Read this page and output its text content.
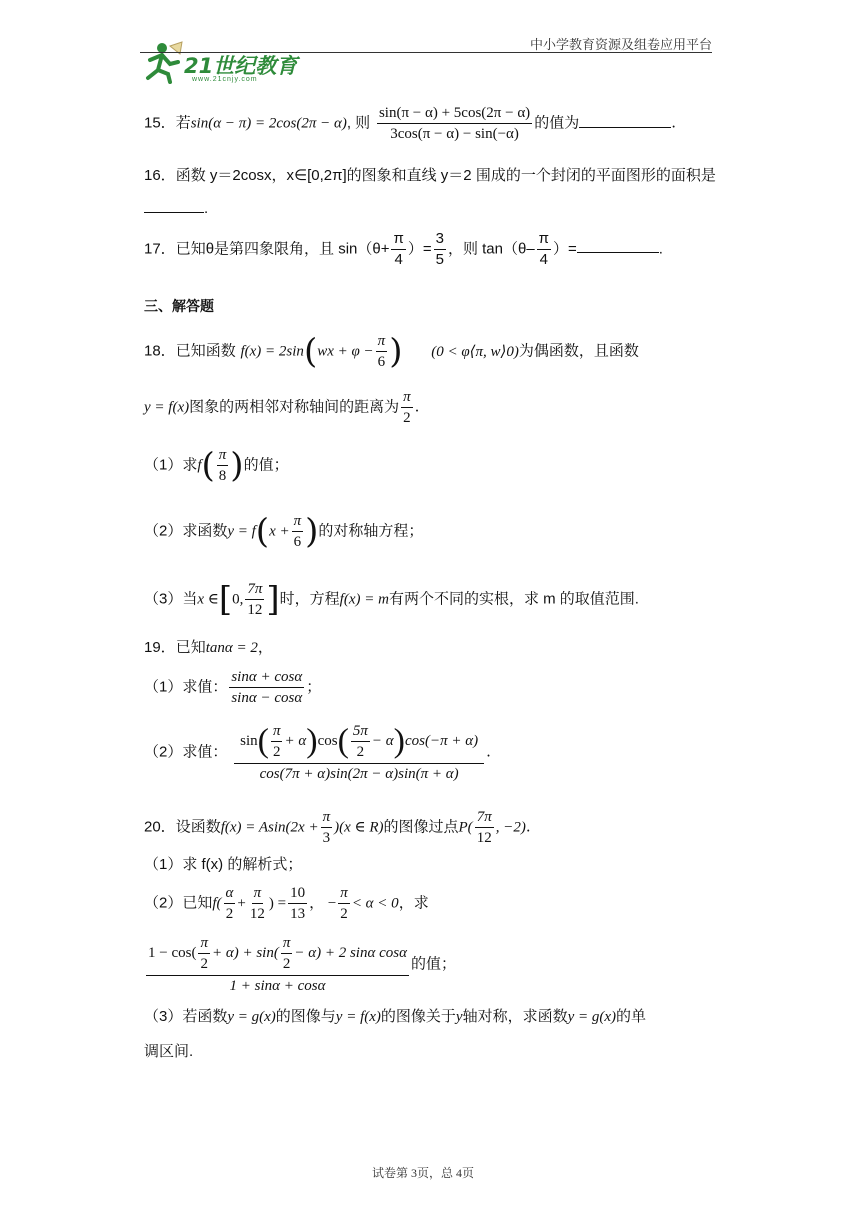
21世纪教育
www.21cnjy.com
中小学教育资源及组卷应用平台
15．若sin(α − π) = 2cos(2π − α), 则 $\frac{\sin(\pi - \alpha) + 5\cos(2\pi - \alpha)}{3\cos(\pi - \alpha) - \sin(-\alpha)}$ 的值为	.
16．函数 y＝2cosx，x∈[0,2π]的图象和直线 y＝2 围成的一个封闭的平面图形的面积是
.
17．已知θ是第四象限角，且 $\sin(\theta+ \frac{\pi}{4}$ ）= $\frac{3}{5}$ ，则 $\tan(\theta- \frac{\pi}{4}$ ）=	.
三、解答题
18．已知函数 $f(x) = 2\sin(wx + \varphi - \frac{\pi}{6}$ ) (0 < φ⟨π, w⟩0)为偶函数，且函数
y = f(x)图象的两相邻对称轴间的距离为 $\frac{\pi}{2}$ .
（1）求$f( \frac{\pi}{8}$ )的值；
（2）求函数$y = f(x + \frac{\pi}{6}$ )的对称轴方程；
（3）当x ∈[0, $\frac{7\pi}{12}$ ]时，方程f(x) = m有两个不同的实根，求 m 的取值范围.
19．已知tanα = 2，
（1）求值： $\frac{\sin\alpha + \cos\alpha}{\sin\alpha - \cos\alpha}$ ；
（2）求值： $\frac{\sin( \frac{\pi}{2} + \alpha)\cos( \frac{5\pi}{2} - \alpha)\cos(-\pi + \alpha)}{\cos(7\pi + \alpha)\sin(2\pi - \alpha)\sin(\pi + \alpha)}$ .
20．设函数$f(x) = Asin(2x + \frac{\pi}{3} )(x$ ∈ R)的图像过点$P( \frac{7\pi}{12}$ , −2).
（1）求 f(x) 的解析式；
（2）已知$f( \frac{\alpha}{2} + \frac{\pi}{12}$ ) = $\frac{10}{13}$ ， − $\frac{\pi}{2} < \alpha < 0$，求
$\frac{1 - \cos( \frac{\pi}{2} + \alpha) + \sin( \frac{\pi}{2} - \alpha) + 2 \sin\alpha \cos\alpha}{1 + \sin\alpha + \cos\alpha}$ 的值；
（3）若函数y = g(x)的图像与y = f(x)的图像关于y轴对称，求函数y = g(x)的单
调区间.
试卷第 3页，总 4页
